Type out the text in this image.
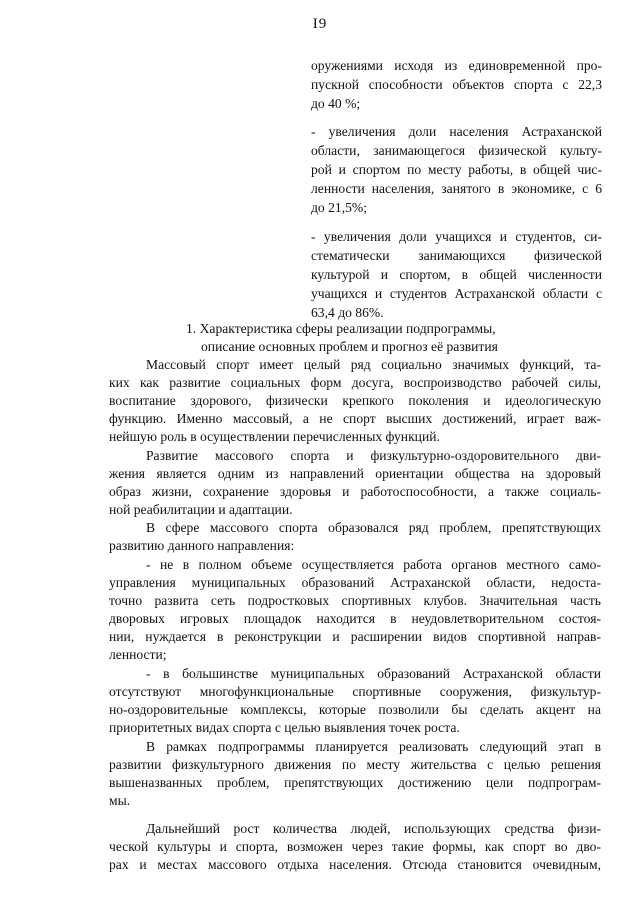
I9
оружениями исходя из единовременной про-
пускной способности объектов спорта с 22,3
до 40 %;
- увеличения доли населения Астраханской
области, занимающегося физической культу-
рой и спортом по месту работы, в общей чис-
ленности населения, занятого в экономике, с 6
до 21,5%;
- увеличения доли учащихся и студентов, си-
стематически занимающихся физической
культурой и спортом, в общей численности
учащихся и студентов Астраханской области с
63,4 до 86%.
1. Характеристика сферы реализации подпрограммы,
описание основных проблем и прогноз её развития
Массовый спорт имеет целый ряд социально значимых функций, та-
ких как развитие социальных форм досуга, воспроизводство рабочей силы,
воспитание здорового, физически крепкого поколения и идеологическую
функцию. Именно массовый, а не спорт высших достижений, играет важ-
нейшую роль в осуществлении перечисленных функций.
Развитие массового спорта и физкультурно-оздоровительного дви-
жения является одним из направлений ориентации общества на здоровый
образ жизни, сохранение здоровья и работоспособности, а также социаль-
ной реабилитации и адаптации.
В сфере массового спорта образовался ряд проблем, препятствующих
развитию данного направления:
- не в полном объеме осуществляется работа органов местного само-
управления муниципальных образований Астраханской области, недоста-
точно развита сеть подростковых спортивных клубов. Значительная часть
дворовых игровых площадок находится в неудовлетворительном состоя-
нии, нуждается в реконструкции и расширении видов спортивной направ-
ленности;
- в большинстве муниципальных образований Астраханской области
отсутствуют многофункциональные спортивные сооружения, физкультур-
но-оздоровительные комплексы, которые позволили бы сделать акцент на
приоритетных видах спорта с целью выявления точек роста.
В рамках подпрограммы планируется реализовать следующий этап в
развитии физкультурного движения по месту жительства с целью решения
вышеназванных проблем, препятствующих достижению цели подпрограм-
мы.
Дальнейший рост количества людей, использующих средства физи-
ческой культуры и спорта, возможен через такие формы, как спорт во дво-
рах и местах массового отдыха населения. Отсюда становится очевидным,
